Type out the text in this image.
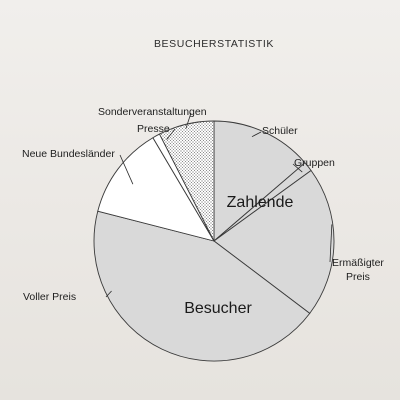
BESUCHERSTATISTIK
Schüler
Gruppen
Ermäßigter Preis
Voller Preis
Neue Bundesländer
Presse
Sonderveranstaltungen
Zahlende
Besucher
